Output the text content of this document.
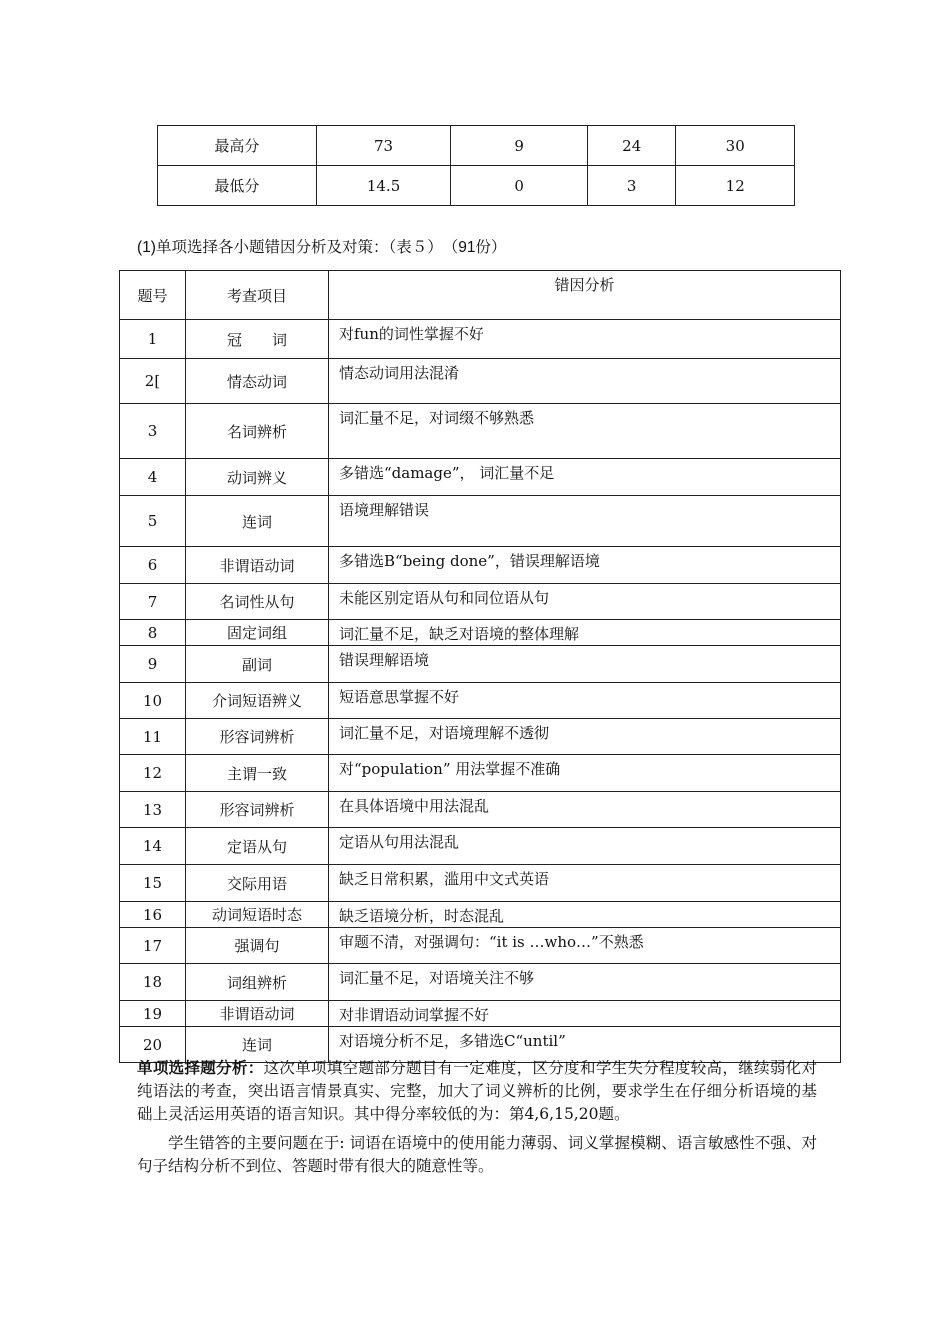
最高分	73	9	24	30
最低分	14.5	0	3	12
(1)单项选择各小题错因分析及对策：（表５）　（91份）
题号	考查项目	错因分析
1	冠　　词	对fun的词性掌握不好
2[	情态动词	情态动词用法混淆
3	名词辨析	词汇量不足，对词缀不够熟悉
4	动词辨义	多错选“damage”， 词汇量不足
5	连词	语境理解错误
6	非谓语动词	多错选B“being done”，错误理解语境
7	名词性从句	未能区别定语从句和同位语从句
8	固定词组	词汇量不足，缺乏对语境的整体理解
9	副词	错误理解语境
10	介词短语辨义	短语意思掌握不好
11	形容词辨析	词汇量不足，对语境理解不透彻
12	主谓一致	对“population” 用法掌握不准确
13	形容词辨析	在具体语境中用法混乱
14	定语从句	定语从句用法混乱
15	交际用语	缺乏日常积累，滥用中文式英语
16	动词短语时态	缺乏语境分析，时态混乱
17	强调句	审题不清，对强调句：“it is …who…”不熟悉
18	词组辨析	词汇量不足，对语境关注不够
19	非谓语动词	对非谓语动词掌握不好
20	连词	对语境分析不足，多错选C“until”
单项选择题分析：这次单项填空题部分题目有一定难度，区分度和学生失分程度较高，继续弱化对纯语法的考查，突出语言情景真实、完整，加大了词义辨析的比例，要求学生在仔细分析语境的基础上灵活运用英语的语言知识。其中得分率较低的为：第4,6,15,20题。
学生错答的主要问题在于: 词语在语境中的使用能力薄弱、词义掌握模糊、语言敏感性不强、对句子结构分析不到位、答题时带有很大的随意性等。
